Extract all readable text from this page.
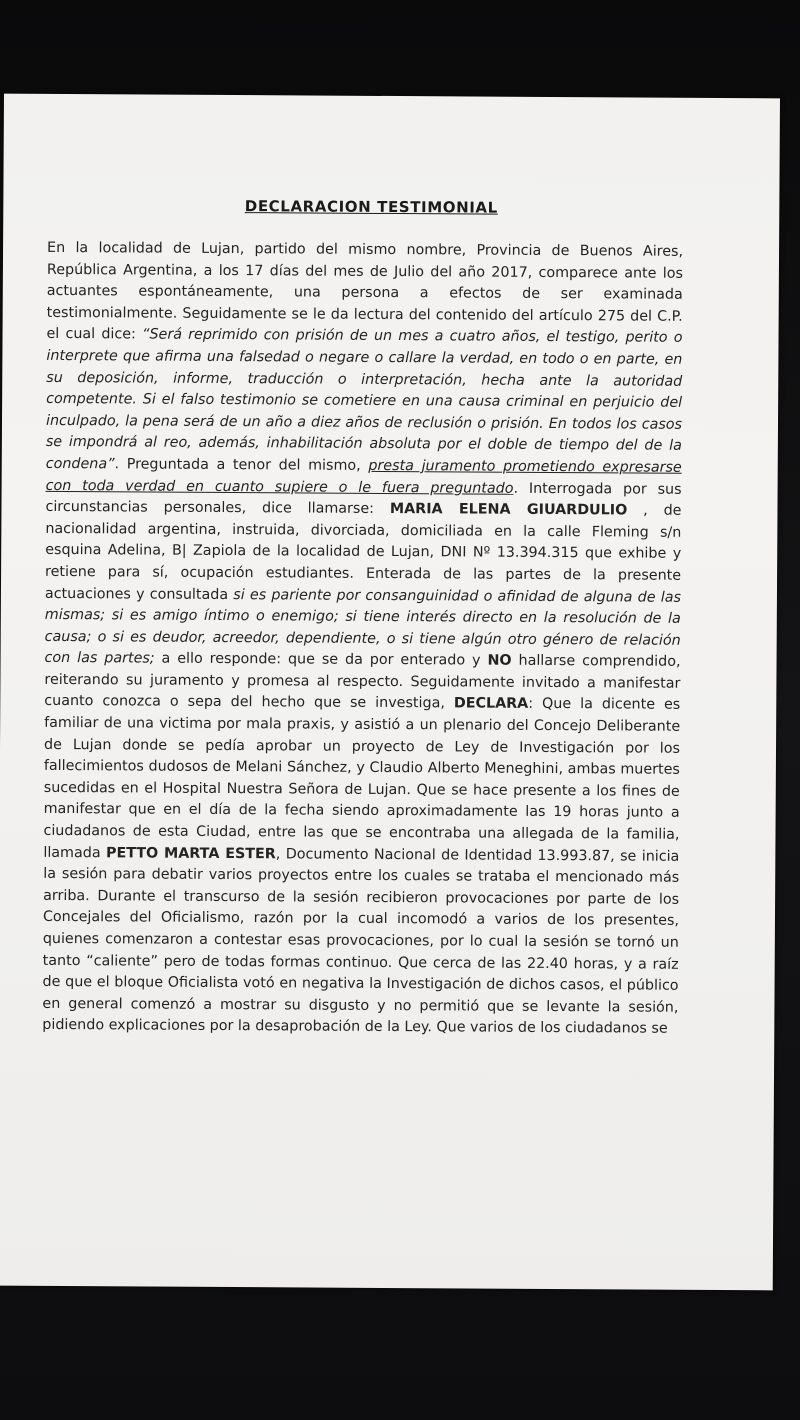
DECLARACION TESTIMONIAL
En la localidad de Lujan, partido del mismo nombre, Provincia de Buenos Aires, República Argentina, a los 17 días del mes de Julio del año 2017, comparece ante los actuantes espontáneamente, una persona a efectos de ser examinada testimonialmente. Seguidamente se le da lectura del contenido del artículo 275 del C.P. el cual dice: “Será reprimido con prisión de un mes a cuatro años, el testigo, perito o interprete que afirma una falsedad o negare o callare la verdad, en todo o en parte, en su deposición, informe, traducción o interpretación, hecha ante la autoridad competente. Si el falso testimonio se cometiere en una causa criminal en perjuicio del inculpado, la pena será de un año a diez años de reclusión o prisión. En todos los casos se impondrá al reo, además, inhabilitación absoluta por el doble de tiempo del de la condena”. Preguntada a tenor del mismo, presta juramento prometiendo expresarse con toda verdad en cuanto supiere o le fuera preguntado. Interrogada por sus circunstancias personales, dice llamarse: MARIA ELENA GIUARDULIO , de nacionalidad argentina, instruida, divorciada, domiciliada en la calle Fleming s/n esquina Adelina, B| Zapiola de la localidad de Lujan, DNI Nº 13.394.315 que exhibe y retiene para sí, ocupación estudiantes. Enterada de las partes de la presente actuaciones y consultada si es pariente por consanguinidad o afinidad de alguna de las mismas; si es amigo íntimo o enemigo; si tiene interés directo en la resolución de la causa; o si es deudor, acreedor, dependiente, o si tiene algún otro género de relación con las partes; a ello responde: que se da por enterado y NO hallarse comprendido, reiterando su juramento y promesa al respecto. Seguidamente invitado a manifestar cuanto conozca o sepa del hecho que se investiga, DECLARA: Que la dicente es familiar de una victima por mala praxis, y asistió a un plenario del Concejo Deliberante de Lujan donde se pedía aprobar un proyecto de Ley de Investigación por los fallecimientos dudosos de Melani Sánchez, y Claudio Alberto Meneghini, ambas muertes sucedidas en el Hospital Nuestra Señora de Lujan. Que se hace presente a los fines de manifestar que en el día de la fecha siendo aproximadamente las 19 horas junto a ciudadanos de esta Ciudad, entre las que se encontraba una allegada de la familia, llamada PETTO MARTA ESTER, Documento Nacional de Identidad 13.993.87, se inicia la sesión para debatir varios proyectos entre los cuales se trataba el mencionado más arriba. Durante el transcurso de la sesión recibieron provocaciones por parte de los Concejales del Oficialismo, razón por la cual incomodó a varios de los presentes, quienes comenzaron a contestar esas provocaciones, por lo cual la sesión se tornó un tanto “caliente” pero de todas formas continuo. Que cerca de las 22.40 horas, y a raíz de que el bloque Oficialista votó en negativa la Investigación de dichos casos, el público en general comenzó a mostrar su disgusto y no permitió que se levante la sesión, pidiendo explicaciones por la desaprobación de la Ley. Que varios de los ciudadanos se
